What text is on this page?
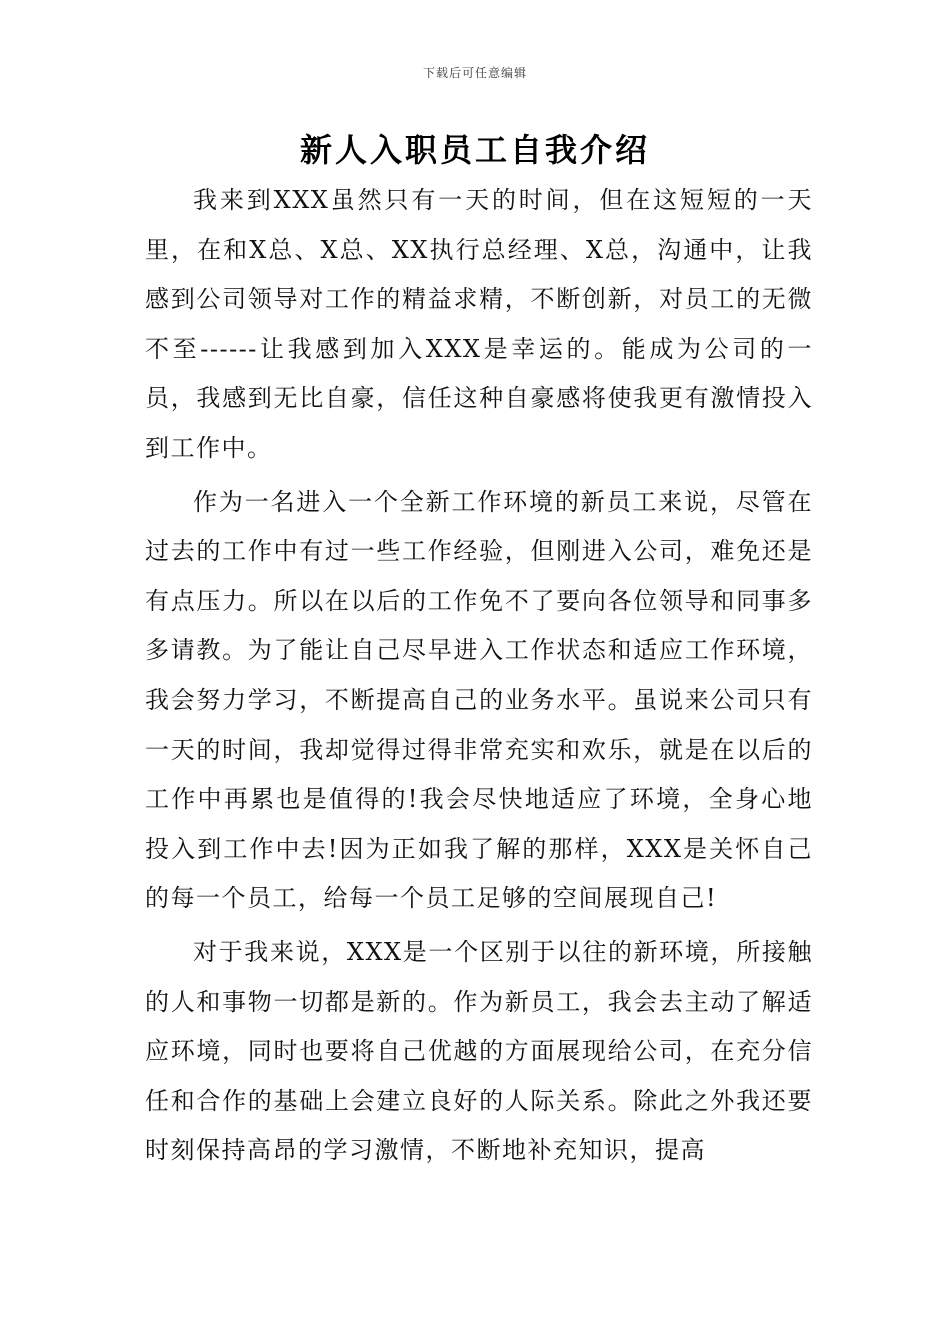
下载后可任意编辑
新人入职员工自我介绍

我来到XXX虽然只有一天的时间，但在这短短的一天里，在和X总、X总、XX执行总经理、X总，沟通中，让我感到公司领导对工作的精益求精，不断创新，对员工的无微不至------让我感到加入XXX是幸运的。能成为公司的一员，我感到无比自豪，信任这种自豪感将使我更有激情投入到工作中。

作为一名进入一个全新工作环境的新员工来说，尽管在过去的工作中有过一些工作经验，但刚进入公司，难免还是有点压力。所以在以后的工作免不了要向各位领导和同事多多请教。为了能让自己尽早进入工作状态和适应工作环境，我会努力学习，不断提高自己的业务水平。虽说来公司只有一天的时间，我却觉得过得非常充实和欢乐，就是在以后的工作中再累也是值得的!我会尽快地适应了环境，全身心地投入到工作中去!因为正如我了解的那样，XXX是关怀自己的每一个员工，给每一个员工足够的空间展现自己!

对于我来说，XXX是一个区别于以往的新环境，所接触的人和事物一切都是新的。作为新员工，我会去主动了解适应环境，同时也要将自己优越的方面展现给公司，在充分信任和合作的基础上会建立良好的人际关系。除此之外我还要时刻保持高昂的学习激情，不断地补充知识，提高
